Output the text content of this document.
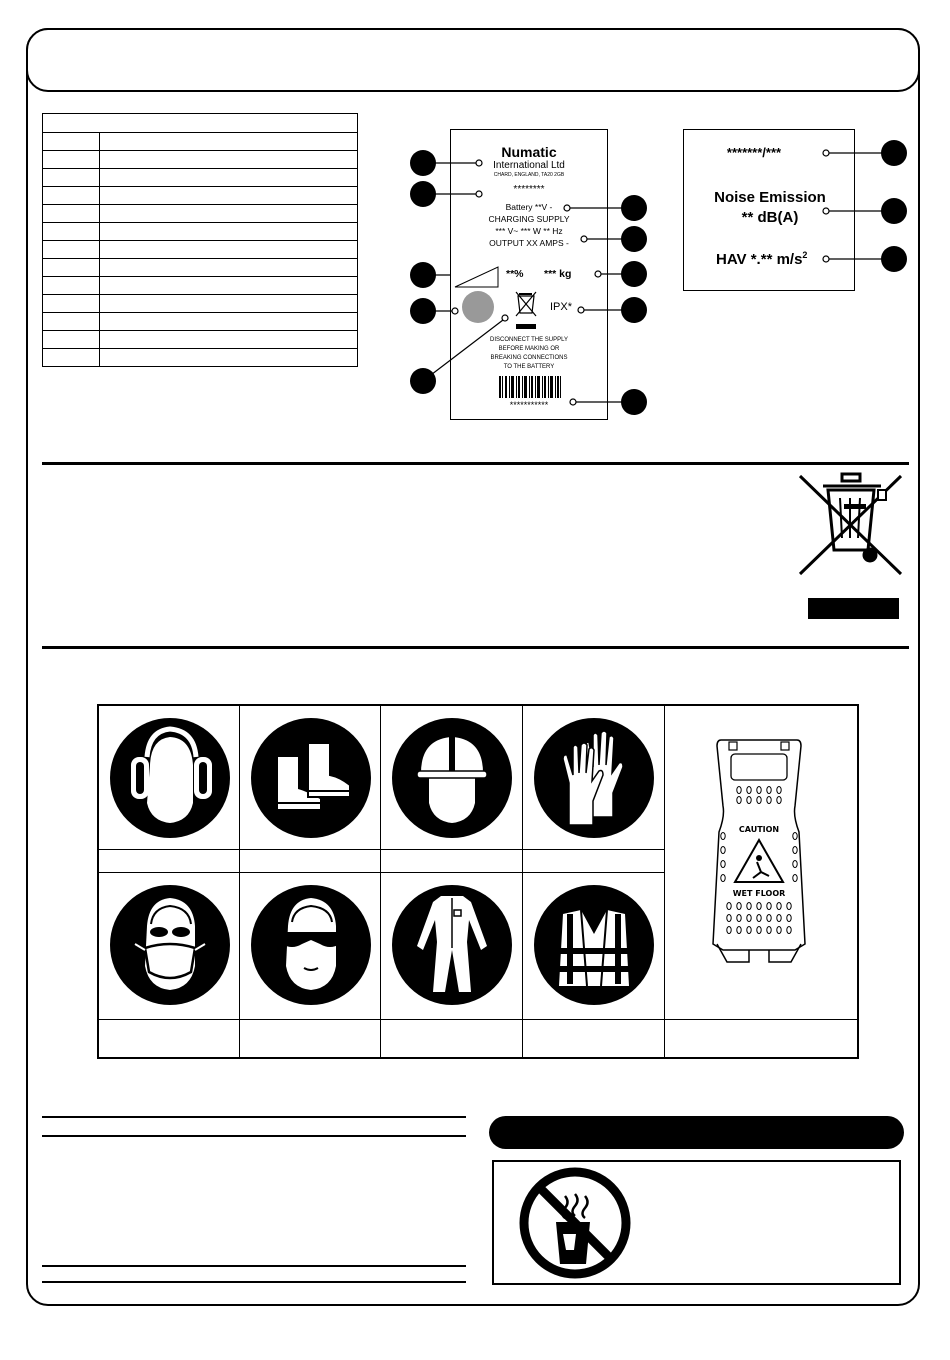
Numatic
International Ltd
CHARD, ENGLAND, TA20 2GB
********
Battery **V -
CHARGING SUPPLY
*** V~ *** W ** Hz
OUTPUT XX AMPS -
**% *** kg
IPX*
DISCONNECT THE SUPPLY
BEFORE MAKING OR
BREAKING CONNECTIONS
TO THE BATTERY
***********
*******/***
Noise Emission
** dB(A)
HAV *.** $m/s^2$
CAUTION
WET FLOOR
